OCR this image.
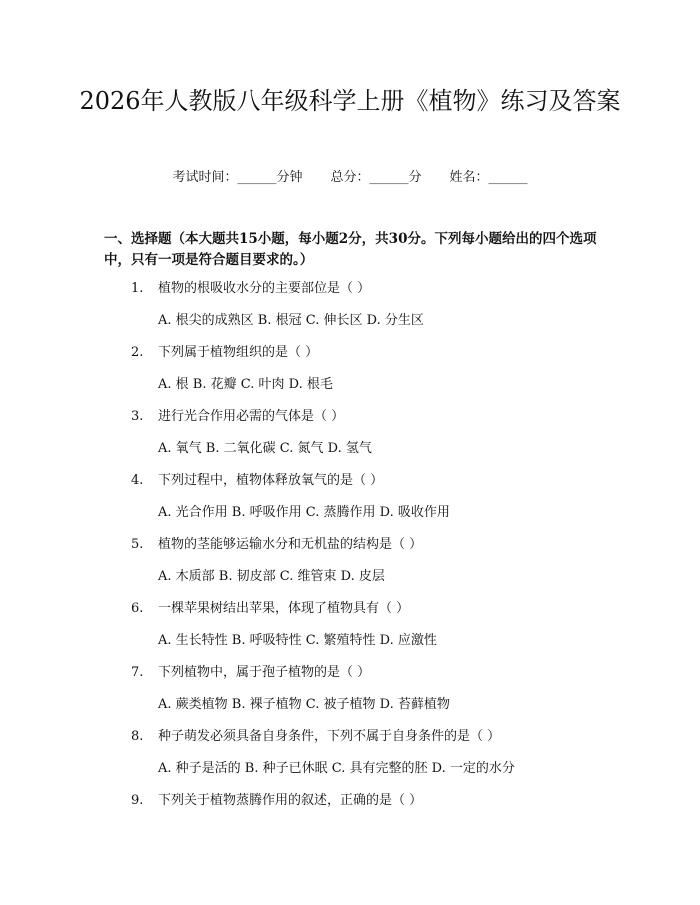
2026年人教版八年级科学上册《植物》练习及答案
考试时间：______分钟 总分：______分 姓名：______

一、选择题（本大题共15小题，每小题2分，共30分。下列每小题给出的四个选项中，只有一项是符合题目要求的。）

1. 植物的根吸收水分的主要部位是（ ）
A. 根尖的成熟区 B. 根冠 C. 伸长区 D. 分生区
2. 下列属于植物组织的是（ ）
A. 根 B. 花瓣 C. 叶肉 D. 根毛
3. 进行光合作用必需的气体是（ ）
A. 氧气 B. 二氧化碳 C. 氮气 D. 氢气
4. 下列过程中，植物体释放氧气的是（ ）
A. 光合作用 B. 呼吸作用 C. 蒸腾作用 D. 吸收作用
5. 植物的茎能够运输水分和无机盐的结构是（ ）
A. 木质部 B. 韧皮部 C. 维管束 D. 皮层
6. 一棵苹果树结出苹果，体现了植物具有（ ）
A. 生长特性 B. 呼吸特性 C. 繁殖特性 D. 应激性
7. 下列植物中，属于孢子植物的是（ ）
A. 蕨类植物 B. 裸子植物 C. 被子植物 D. 苔藓植物
8. 种子萌发必须具备自身条件，下列不属于自身条件的是（ ）
A. 种子是活的 B. 种子已休眠 C. 具有完整的胚 D. 一定的水分
9. 下列关于植物蒸腾作用的叙述，正确的是（ ）
